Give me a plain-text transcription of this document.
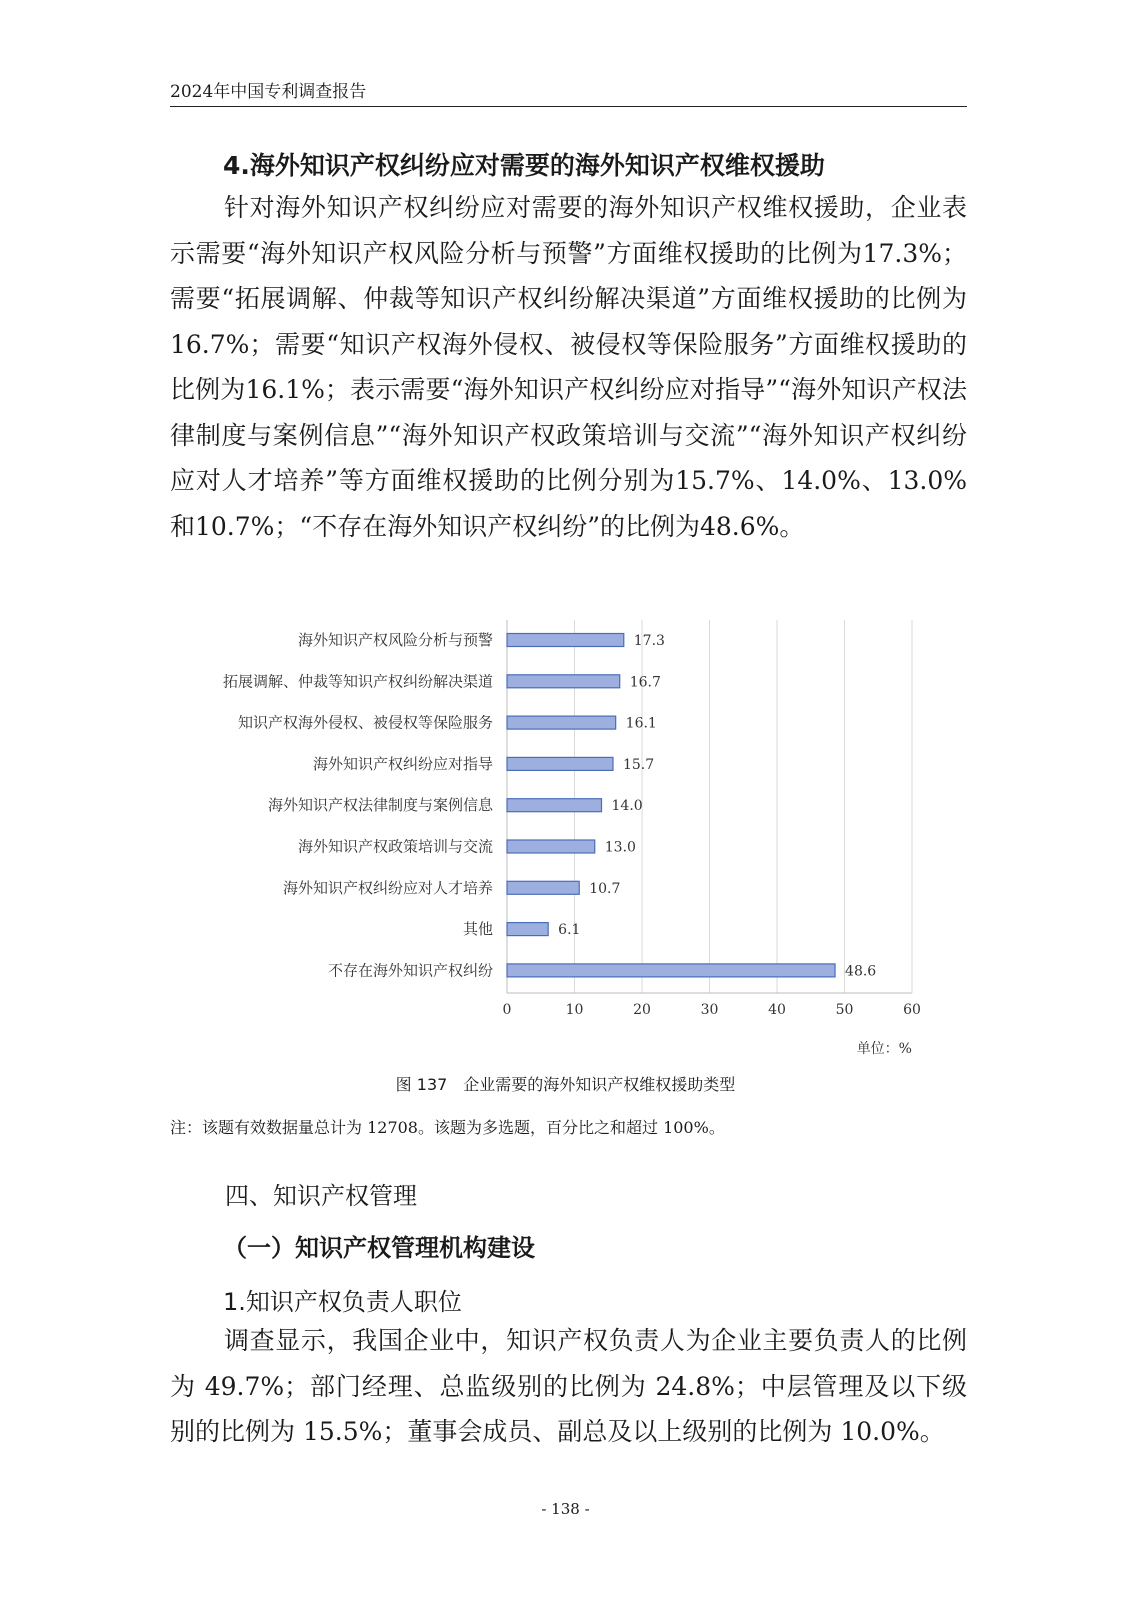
2024年中国专利调查报告
4.海外知识产权纠纷应对需要的海外知识产权维权援助

针对海外知识产权纠纷应对需要的海外知识产权维权援助，企业表示需要“海外知识产权风险分析与预警”方面维权援助的比例为17.3%；需要“拓展调解、仲裁等知识产权纠纷解决渠道”方面维权援助的比例为 16.7%；需要“知识产权海外侵权、被侵权等保险服务”方面维权援助的比例为16.1%；表示需要“海外知识产权纠纷应对指导”“海外知识产权法律制度与案例信息”“海外知识产权政策培训与交流”“海外知识产权纠纷应对人才培养”等方面维权援助的比例分别为15.7%、14.0%、13.0%和10.7%；“不存在海外知识产权纠纷”的比例为48.6%。

海外知识产权风险分析与预警
拓展调解、仲裁等知识产权纠纷解决渠道
知识产权海外侵权、被侵权等保险服务
海外知识产权纠纷应对指导
海外知识产权法律制度与案例信息
海外知识产权政策培训与交流
海外知识产权纠纷应对人才培养
其他
不存在海外知识产权纠纷
17.3
16.7
16.1
15.7
14.0
13.0
10.7
6.1
48.6
0	10	20	30	40	50	60
单位：%
图 137　企业需要的海外知识产权维权援助类型
注：该题有效数据量总计为 12708。该题为多选题，百分比之和超过 100%。
四、知识产权管理
（一）知识产权管理机构建设
1.知识产权负责人职位

调查显示，我国企业中，知识产权负责人为企业主要负责人的比例为 49.7%；部门经理、总监级别的比例为 24.8%；中层管理及以下级别的比例为 15.5%；董事会成员、副总及以上级别的比例为 10.0%。

- 138 -
